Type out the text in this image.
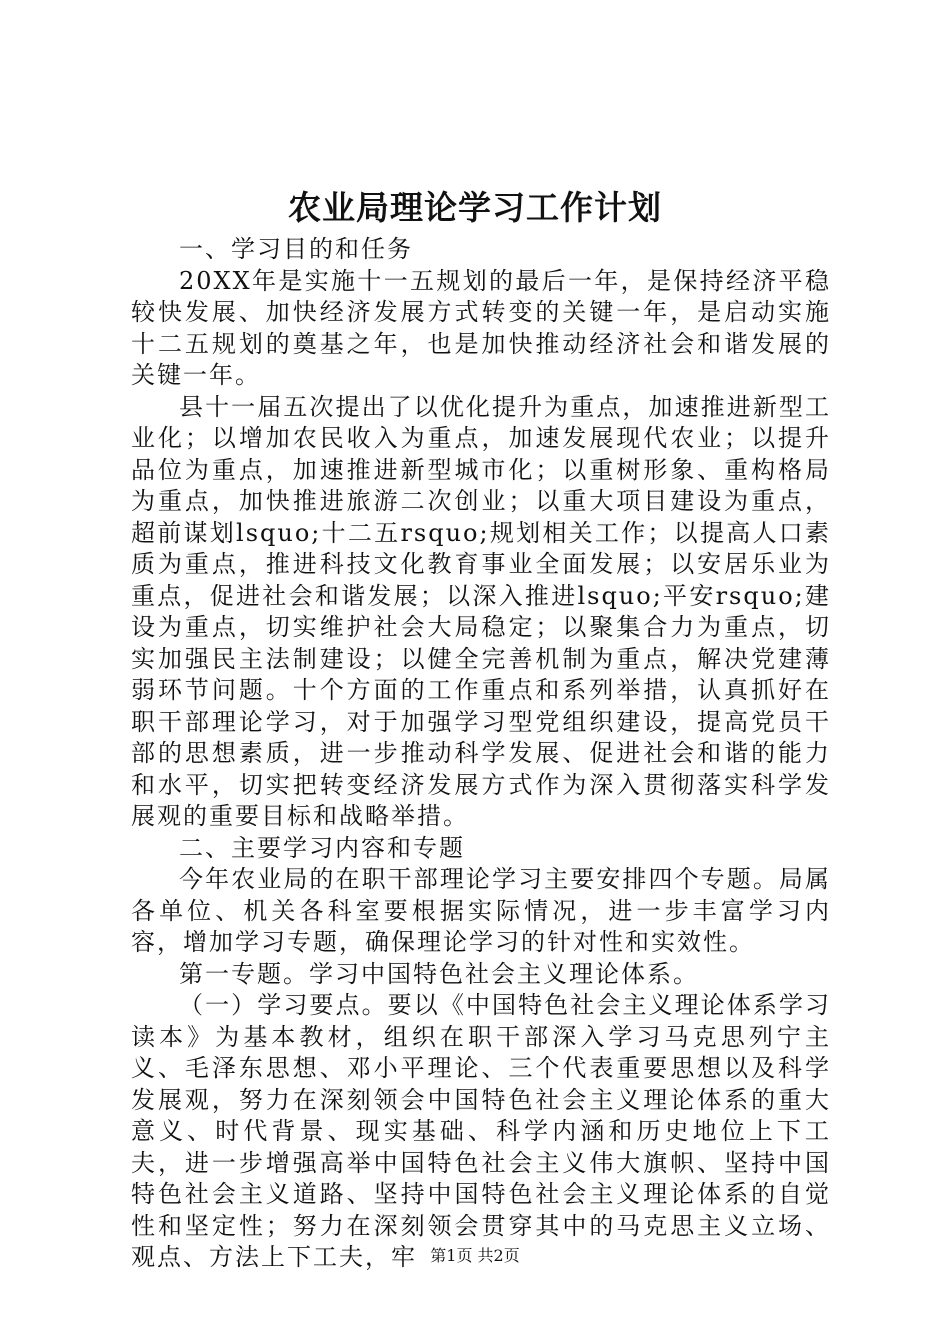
农业局理论学习工作计划

一、学习目的和任务

20XX年是实施十一五规划的最后一年，是保持经济平稳较快发展、加快经济发展方式转变的关键一年，是启动实施十二五规划的奠基之年，也是加快推动经济社会和谐发展的关键一年。

县十一届五次提出了以优化提升为重点，加速推进新型工业化；以增加农民收入为重点，加速发展现代农业；以提升品位为重点，加速推进新型城市化；以重树形象、重构格局为重点，加快推进旅游二次创业；以重大项目建设为重点，超前谋划lsquo;十二五rsquo;规划相关工作；以提高人口素质为重点，推进科技文化教育事业全面发展；以安居乐业为重点，促进社会和谐发展；以深入推进lsquo;平安rsquo;建设为重点，切实维护社会大局稳定；以聚集合力为重点，切实加强民主法制建设；以健全完善机制为重点，解决党建薄弱环节问题。十个方面的工作重点和系列举措，认真抓好在职干部理论学习，对于加强学习型党组织建设，提高党员干部的思想素质，进一步推动科学发展、促进社会和谐的能力和水平，切实把转变经济发展方式作为深入贯彻落实科学发展观的重要目标和战略举措。

二、主要学习内容和专题

今年农业局的在职干部理论学习主要安排四个专题。局属各单位、机关各科室要根据实际情况，进一步丰富学习内容，增加学习专题，确保理论学习的针对性和实效性。

第一专题。学习中国特色社会主义理论体系。

（一）学习要点。要以《中国特色社会主义理论体系学习读本》为基本教材，组织在职干部深入学习马克思列宁主义、毛泽东思想、邓小平理论、三个代表重要思想以及科学发展观，努力在深刻领会中国特色社会主义理论体系的重大意义、时代背景、现实基础、科学内涵和历史地位上下工夫，进一步增强高举中国特色社会主义伟大旗帜、坚持中国特色社会主义道路、坚持中国特色社会主义理论体系的自觉性和坚定性；努力在深刻领会贯穿其中的马克思主义立场、观点、方法上下工夫，牢 第1页 共2页
